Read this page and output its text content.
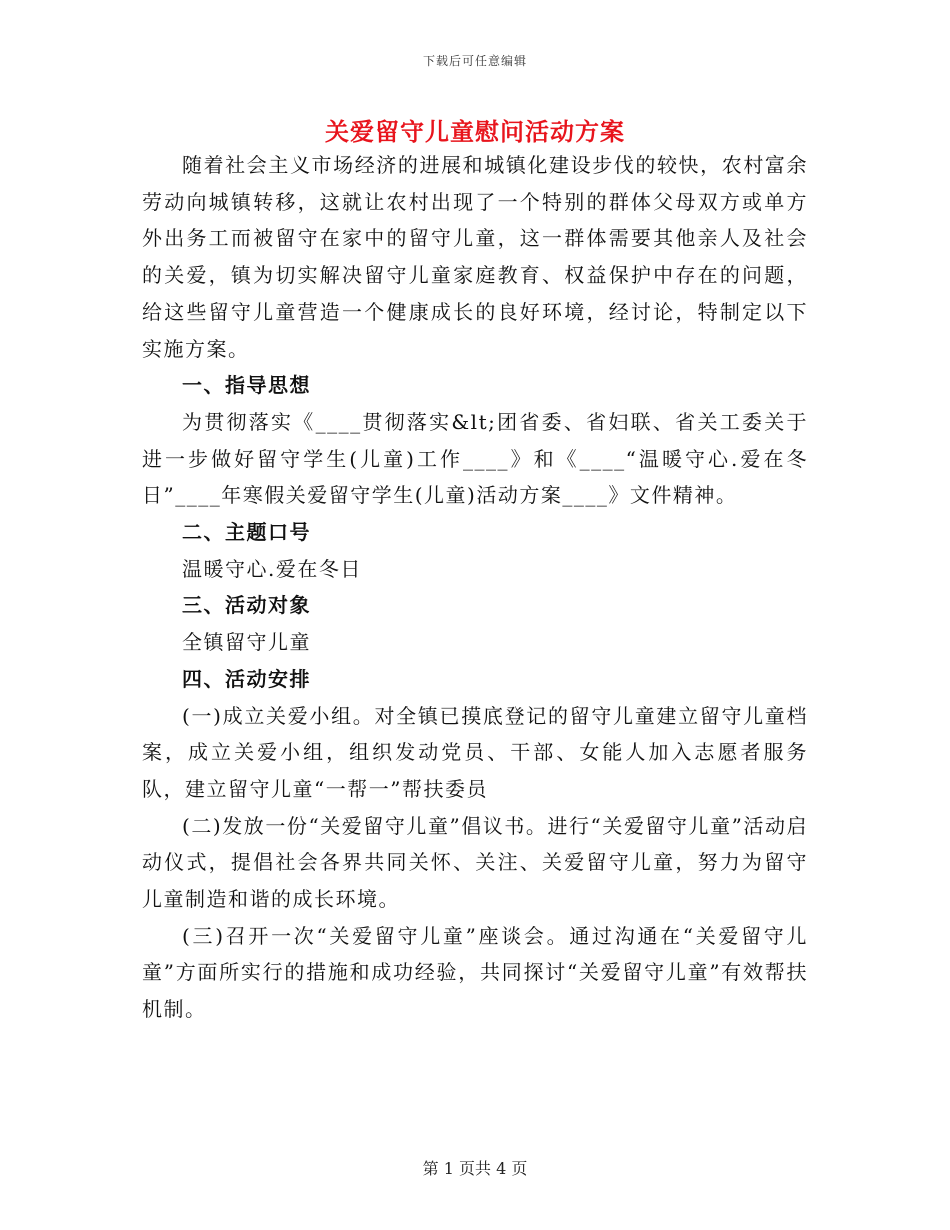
下载后可任意编辑
关爱留守儿童慰问活动方案

随着社会主义市场经济的进展和城镇化建设步伐的较快，农村富余劳动向城镇转移，这就让农村出现了一个特别的群体父母双方或单方外出务工而被留守在家中的留守儿童，这一群体需要其他亲人及社会的关爱，镇为切实解决留守儿童家庭教育、权益保护中存在的问题，给这些留守儿童营造一个健康成长的良好环境，经讨论，特制定以下实施方案。

一、指导思想

为贯彻落实《____贯彻落实&lt;团省委、省妇联、省关工委关于进一步做好留守学生(儿童)工作____》和《____“温暖守心.爱在冬日”____年寒假关爱留守学生(儿童)活动方案____》文件精神。

二、主题口号

温暖守心.爱在冬日

三、活动对象

全镇留守儿童

四、活动安排

(一)成立关爱小组。对全镇已摸底登记的留守儿童建立留守儿童档案，成立关爱小组，组织发动党员、干部、女能人加入志愿者服务队，建立留守儿童“一帮一”帮扶委员

(二)发放一份“关爱留守儿童”倡议书。进行“关爱留守儿童”活动启动仪式，提倡社会各界共同关怀、关注、关爱留守儿童，努力为留守儿童制造和谐的成长环境。

(三)召开一次“关爱留守儿童”座谈会。通过沟通在“关爱留守儿童”方面所实行的措施和成功经验，共同探讨“关爱留守儿童”有效帮扶机制。

第 1 页共 4 页
